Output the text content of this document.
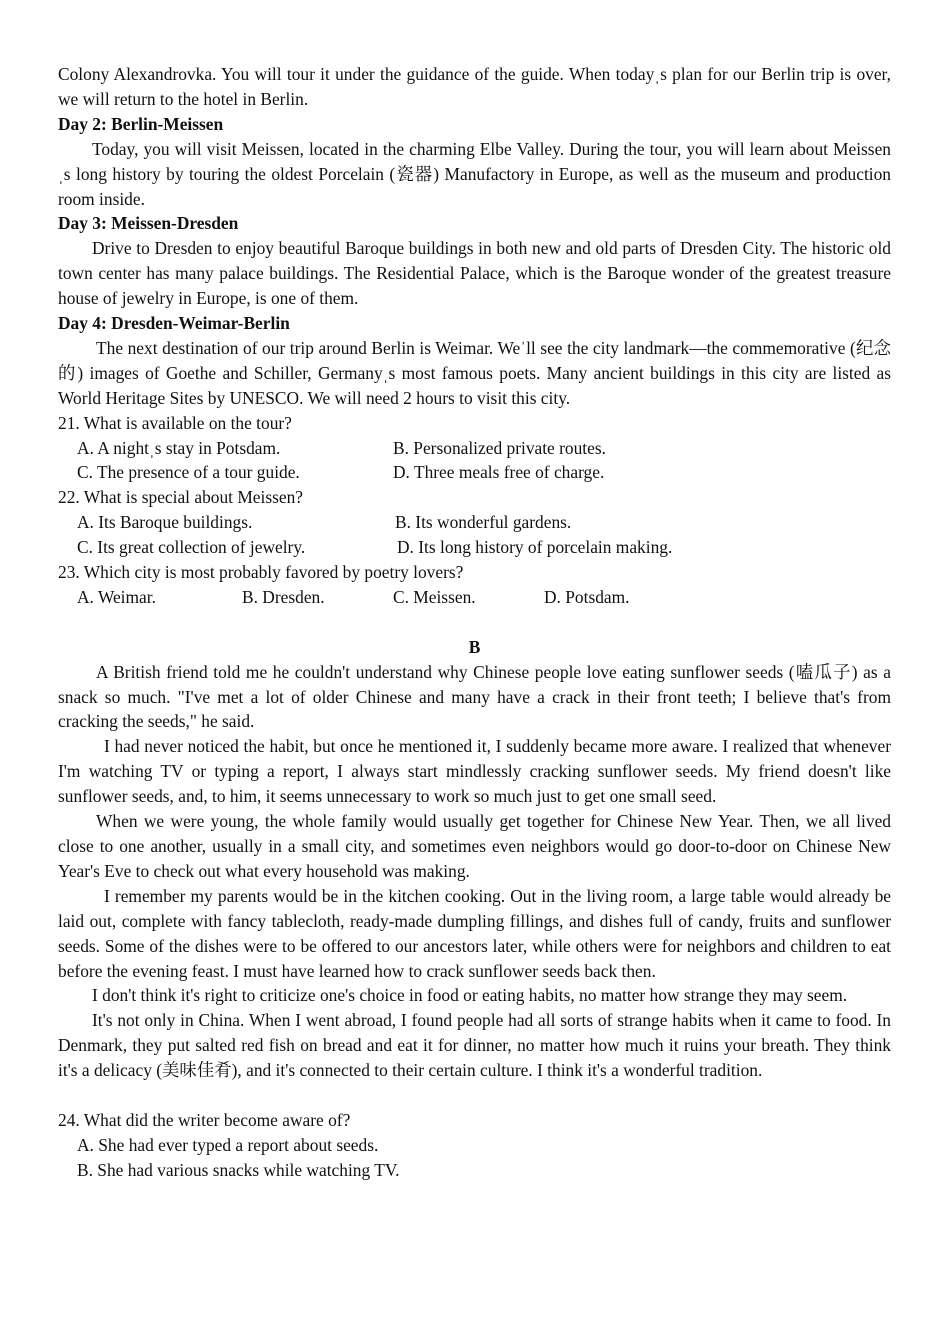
Colony Alexandrovka. You will tour it under the guidance of the guide. When todayˌs plan for our Berlin trip is over, we will return to the hotel in Berlin.

Day 2: Berlin-Meissen

Today, you will visit Meissen, located in the charming Elbe Valley. During the tour, you will learn about Meissenˌs long history by touring the oldest Porcelain (瓷器) Manufactory in Europe, as well as the museum and production room inside.

Day 3: Meissen-Dresden

Drive to Dresden to enjoy beautiful Baroque buildings in both new and old parts of Dresden City. The historic old town center has many palace buildings. The Residential Palace, which is the Baroque wonder of the greatest treasure house of jewelry in Europe, is one of them.

Day 4: Dresden-Weimar-Berlin

The next destination of our trip around Berlin is Weimar. Weˈll see the city landmark—the commemorative (纪念的) images of Goethe and Schiller, Germanyˌs most famous poets. Many ancient buildings in this city are listed as World Heritage Sites by UNESCO. We will need 2 hours to visit this city.

21. What is available on the tour?
A. A nightˌs stay in Potsdam.	B. Personalized private routes.
C. The presence of a tour guide.	D. Three meals free of charge.
22. What is special about Meissen?
A. Its Baroque buildings.	B. Its wonderful gardens.
C. Its great collection of jewelry.	D. Its long history of porcelain making.
23. Which city is most probably favored by poetry lovers?
A. Weimar.	B. Dresden.	C. Meissen.	D. Potsdam.
B

A British friend told me he couldn't understand why Chinese people love eating sunflower seeds (嗑瓜子) as a snack so much. "I've met a lot of older Chinese and many have a crack in their front teeth; I believe that's from cracking the seeds," he said.

I had never noticed the habit, but once he mentioned it, I suddenly became more aware. I realized that whenever I'm watching TV or typing a report, I always start mindlessly cracking sunflower seeds. My friend doesn't like sunflower seeds, and, to him, it seems unnecessary to work so much just to get one small seed.

When we were young, the whole family would usually get together for Chinese New Year. Then, we all lived close to one another, usually in a small city, and sometimes even neighbors would go door-to-door on Chinese New Year's Eve to check out what every household was making.

I remember my parents would be in the kitchen cooking. Out in the living room, a large table would already be laid out, complete with fancy tablecloth, ready-made dumpling fillings, and dishes full of candy, fruits and sunflower seeds. Some of the dishes were to be offered to our ancestors later, while others were for neighbors and children to eat before the evening feast. I must have learned how to crack sunflower seeds back then.

I don't think it's right to criticize one's choice in food or eating habits, no matter how strange they may seem.

It's not only in China. When I went abroad, I found people had all sorts of strange habits when it came to food. In Denmark, they put salted red fish on bread and eat it for dinner, no matter how much it ruins your breath. They think it's a delicacy (美味佳肴), and it's connected to their certain culture. I think it's a wonderful tradition.

24. What did the writer become aware of?
A. She had ever typed a report about seeds.
B. She had various snacks while watching TV.
